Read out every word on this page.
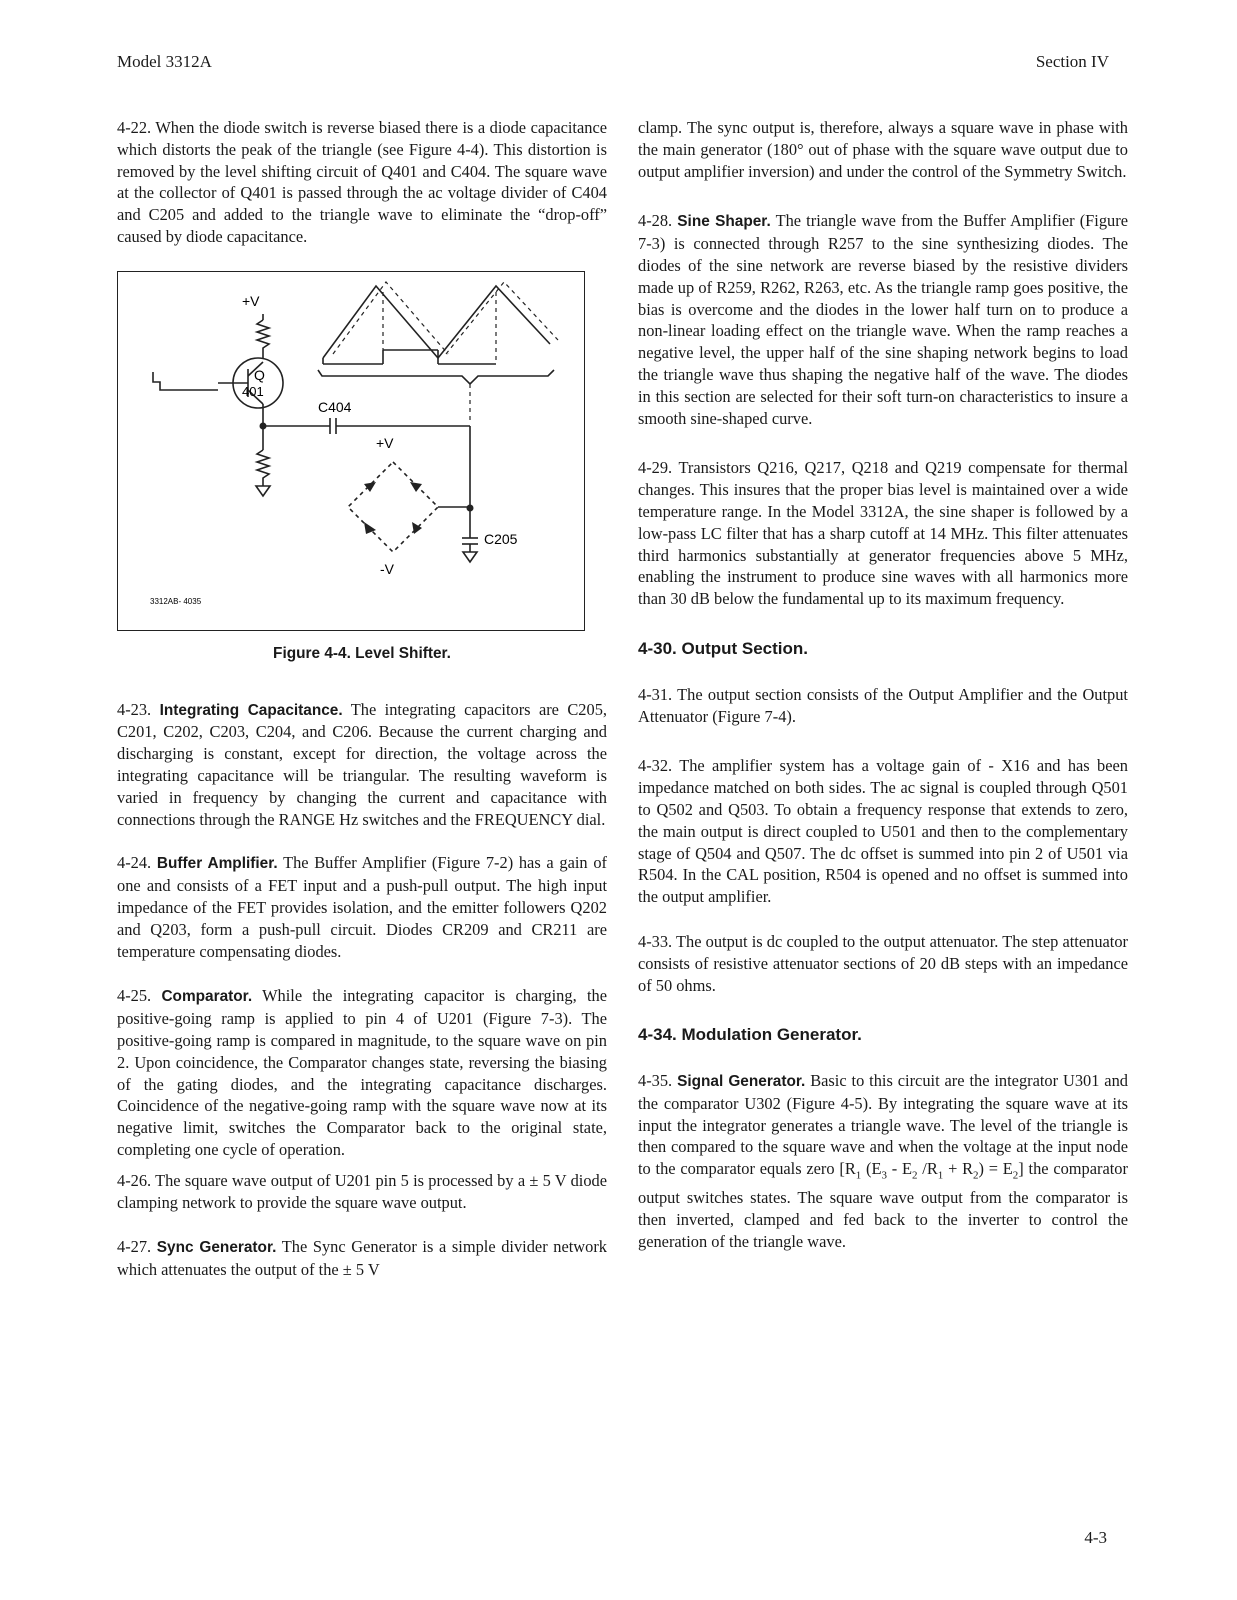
Model 3312A	Section IV

4-22. When the diode switch is reverse biased there is a diode capacitance which distorts the peak of the triangle (see Figure 4-4). This distortion is removed by the level shifting circuit of Q401 and C404. The square wave at the collector of Q401 is passed through the ac voltage divider of C404 and C205 and added to the triangle wave to eliminate the “drop-off” caused by diode capacitance.

+V
Q
401
C404
+V
-V
C205
3312AB- 4035
Figure 4-4. Level Shifter.

4-23. Integrating Capacitance. The integrating capacitors are C205, C201, C202, C203, C204, and C206. Because the current charging and discharging is constant, except for direction, the voltage across the integrating capacitance will be triangular. The resulting waveform is varied in frequency by changing the current and capacitance with connections through the RANGE Hz switches and the FREQUENCY dial.

4-24. Buffer Amplifier. The Buffer Amplifier (Figure 7-2) has a gain of one and consists of a FET input and a push-pull output. The high input impedance of the FET provides isolation, and the emitter followers Q202 and Q203, form a push-pull circuit. Diodes CR209 and CR211 are temperature compensating diodes.

4-25. Comparator. While the integrating capacitor is charging, the positive-going ramp is applied to pin 4 of U201 (Figure 7-3). The positive-going ramp is compared in magnitude, to the square wave on pin 2. Upon coincidence, the Comparator changes state, reversing the biasing of the gating diodes, and the integrating capacitance discharges. Coincidence of the negative-going ramp with the square wave now at its negative limit, switches the Comparator back to the original state, completing one cycle of operation.

4-26. The square wave output of U201 pin 5 is processed by a ± 5 V diode clamping network to provide the square wave output.

4-27. Sync Generator. The Sync Generator is a simple divider network which attenuates the output of the ± 5 V

clamp. The sync output is, therefore, always a square wave in phase with the main generator (180° out of phase with the square wave output due to output amplifier inversion) and under the control of the Symmetry Switch.

4-28. Sine Shaper. The triangle wave from the Buffer Amplifier (Figure 7-3) is connected through R257 to the sine synthesizing diodes. The diodes of the sine network are reverse biased by the resistive dividers made up of R259, R262, R263, etc. As the triangle ramp goes positive, the bias is overcome and the diodes in the lower half turn on to produce a non-linear loading effect on the triangle wave. When the ramp reaches a negative level, the upper half of the sine shaping network begins to load the triangle wave thus shaping the negative half of the wave. The diodes in this section are selected for their soft turn-on characteristics to insure a smooth sine-shaped curve.

4-29. Transistors Q216, Q217, Q218 and Q219 compensate for thermal changes. This insures that the proper bias level is maintained over a wide temperature range. In the Model 3312A, the sine shaper is followed by a low-pass LC filter that has a sharp cutoff at 14 MHz. This filter attenuates third harmonics substantially at generator frequencies above 5 MHz, enabling the instrument to produce sine waves with all harmonics more than 30 dB below the fundamental up to its maximum frequency.

4-30. Output Section.

4-31. The output section consists of the Output Amplifier and the Output Attenuator (Figure 7-4).

4-32. The amplifier system has a voltage gain of - X16 and has been impedance matched on both sides. The ac signal is coupled through Q501 to Q502 and Q503. To obtain a frequency response that extends to zero, the main output is direct coupled to U501 and then to the complementary stage of Q504 and Q507. The dc offset is summed into pin 2 of U501 via R504. In the CAL position, R504 is opened and no offset is summed into the output amplifier.

4-33. The output is dc coupled to the output attenuator. The step attenuator consists of resistive attenuator sections of 20 dB steps with an impedance of 50 ohms.

4-34. Modulation Generator.

4-35. Signal Generator. Basic to this circuit are the integrator U301 and the comparator U302 (Figure 4-5). By integrating the square wave at its input the integrator generates a triangle wave. The level of the triangle is then compared to the square wave and when the voltage at the input node to the comparator equals zero [$R_1$ ($E_3 - E_2$ $/R_1 + R_2) = E_2$] the comparator output switches states. The square wave output from the comparator is then inverted, clamped and fed back to the inverter to control the generation of the triangle wave.

4-3
